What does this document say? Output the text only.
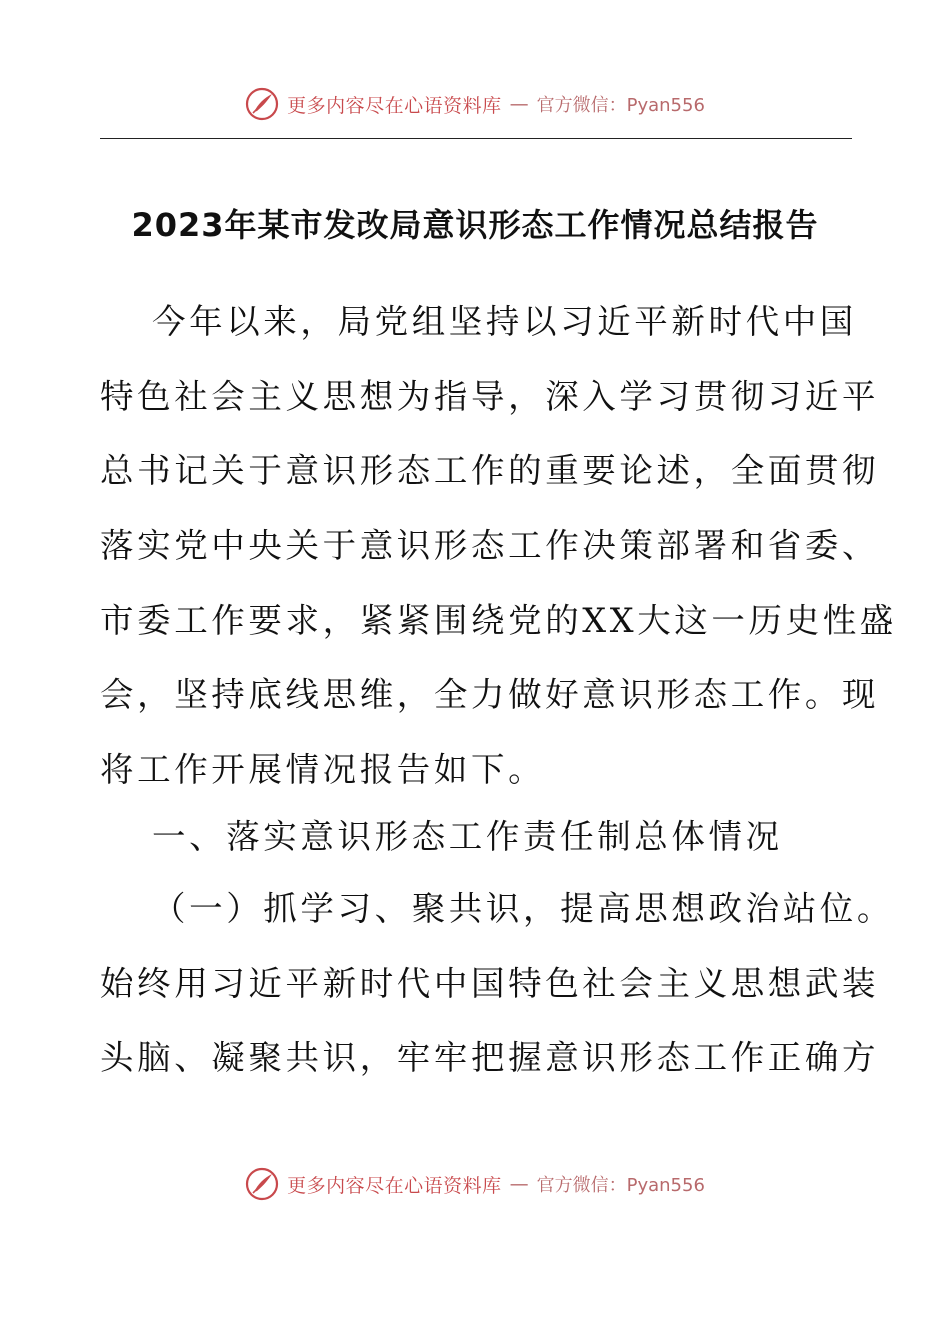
更多内容尽在心语资料库 — 官方微信：Pyan556
2023年某市发改局意识形态工作情况总结报告
今年以来，局党组坚持以习近平新时代中国
特色社会主义思想为指导，深入学习贯彻习近平
总书记关于意识形态工作的重要论述，全面贯彻
落实党中央关于意识形态工作决策部署和省委、
市委工作要求，紧紧围绕党的XX大这一历史性盛
会，坚持底线思维，全力做好意识形态工作。现
将工作开展情况报告如下。
一、落实意识形态工作责任制总体情况
（一）抓学习、聚共识，提高思想政治站位。
始终用习近平新时代中国特色社会主义思想武装
头脑、凝聚共识，牢牢把握意识形态工作正确方
更多内容尽在心语资料库 — 官方微信：Pyan556
